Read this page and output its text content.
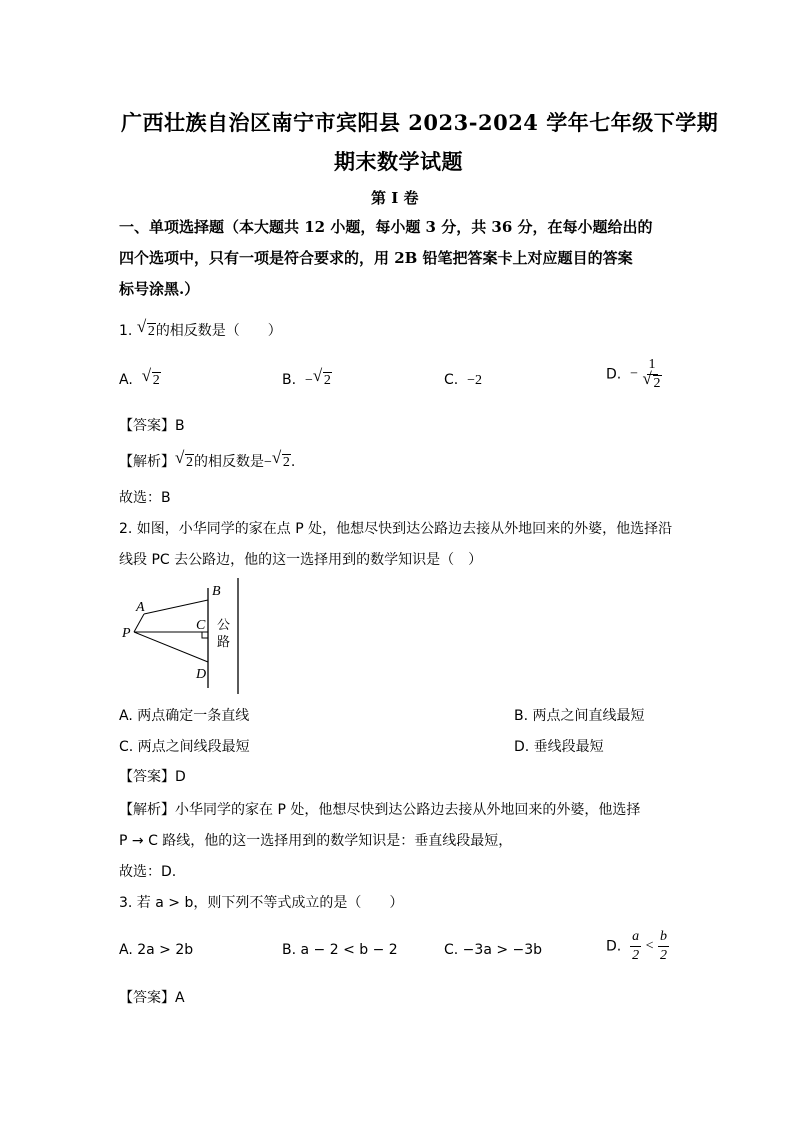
广西壮族自治区南宁市宾阳县 2023-2024 学年七年级下学期
期末数学试题
第 I 卷
一、单项选择题（本大题共 12 小题，每小题 3 分，共 36 分，在每小题给出的
四个选项中，只有一项是符合要求的，用 2B 铅笔把答案卡上对应题目的答案
标号涂黑.）
1. √ 2的相反数是（　　）
A. √ 2	B. − √ 2	C. −2	D. − $\frac{1}{√ 2}$
【答案】B
【解析】 √ 2的相反数是− √ 2.
故选：B
2. 如图，小华同学的家在点 P 处，他想尽快到达公路边去接从外地回来的外婆，他选择沿
线段 PC 去公路边，他的这一选择用到的数学知识是（　）
A
B
C
D
P
公
路
A. 两点确定一条直线	B. 两点之间直线最短
C. 两点之间线段最短	D. 垂线段最短
【答案】D
【解析】小华同学的家在 P 处，他想尽快到达公路边去接从外地回来的外婆，他选择
P → C 路线，他的这一选择用到的数学知识是：垂直线段最短，
故选：D.
3. 若 a > b，则下列不等式成立的是（　　）
A. 2a > 2b	B. a − 2 < b − 2	C. −3a > −3b	D. $\frac{a}{2} < \frac{b}{2}$
【答案】A
